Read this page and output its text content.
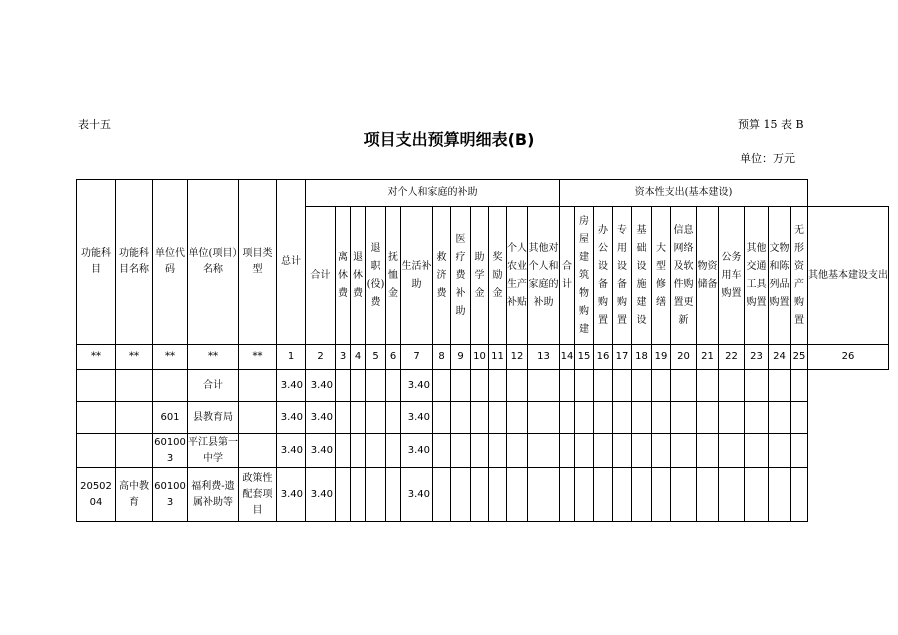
表十五	预算 15 表 B
项目支出预算明细表(B)
单位：万元
功能科目	功能科目名称	单位代码	单位(项目）名称	项目类型	总计	对个人和家庭的补助												资本性支出(基本建设)												
						合计	离休费	退休费	退职(役)费	抚恤金	生活补助	救济费	医疗费补助	助学金	奖励金	个人农业生产补贴	其他对个人和家庭的补助	合计	房屋建筑物购建	办公设备购置	专用设备购置	基础设施建设	大型修缮	信息网络及软件购置更新	物资储备	公务用车购置	其他交通工具购置	文物和陈列品购置	无形资产购置	其他基本建设支出
**	**	**	**	**	1	2	3	4	5	6	7	8	9	10	11	12	13	14	15	16	17	18	19	20	21	22	23	24	25	26
			合计		3.40	3.40					3.40																			
		601	县教育局		3.40	3.40					3.40																			
		601003	平江县第一中学		3.40	3.40					3.40																			
2050204	高中教育	601003	福利费-遗属补助等	政策性配套项目	3.40	3.40					3.40																			
